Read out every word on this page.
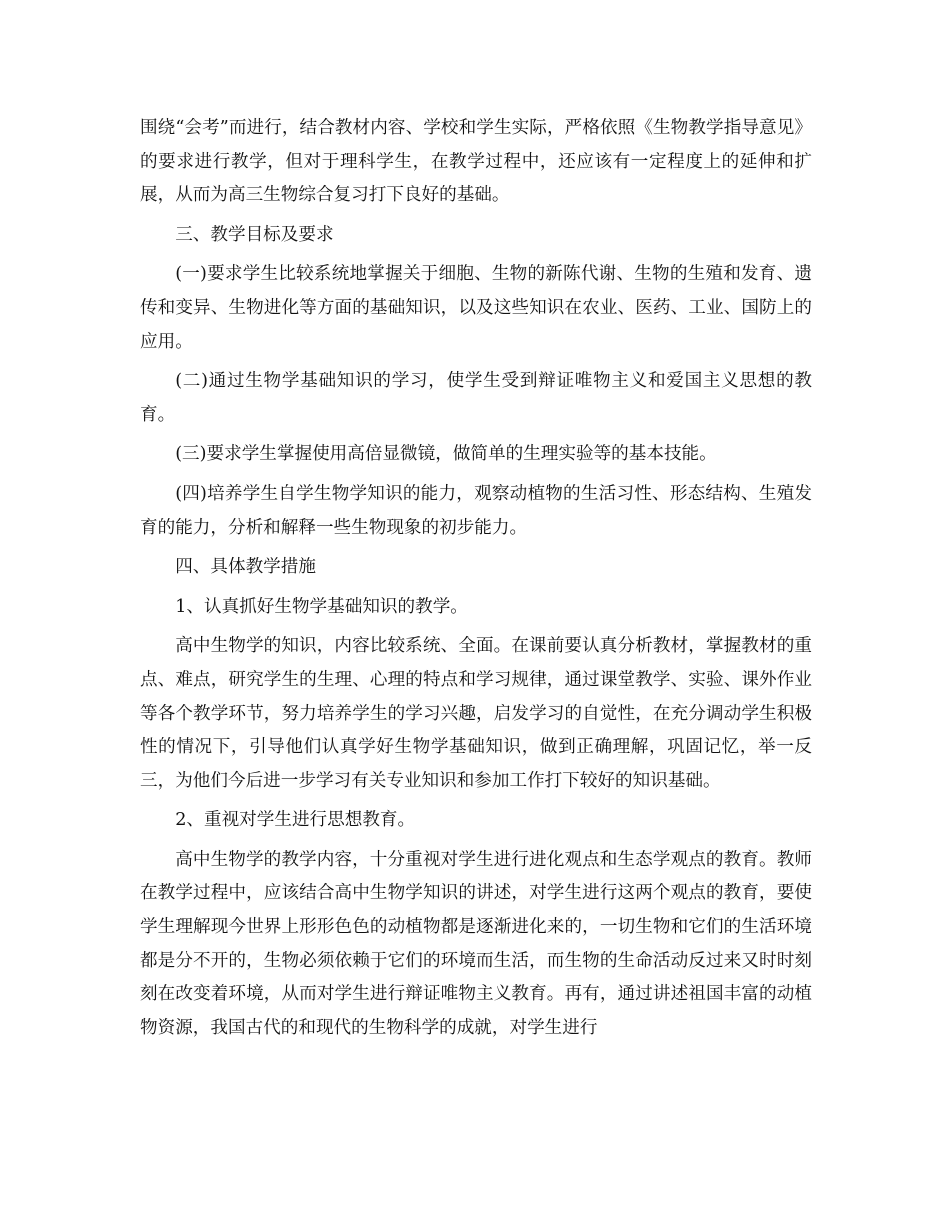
围绕“会考”而进行，结合教材内容、学校和学生实际，严格依照《生物教学指导意见》的要求进行教学，但对于理科学生，在教学过程中，还应该有一定程度上的延伸和扩展，从而为高三生物综合复习打下良好的基础。

三、教学目标及要求

(一)要求学生比较系统地掌握关于细胞、生物的新陈代谢、生物的生殖和发育、遗传和变异、生物进化等方面的基础知识，以及这些知识在农业、医药、工业、国防上的应用。

(二)通过生物学基础知识的学习，使学生受到辩证唯物主义和爱国主义思想的教育。

(三)要求学生掌握使用高倍显微镜，做简单的生理实验等的基本技能。

(四)培养学生自学生物学知识的能力，观察动植物的生活习性、形态结构、生殖发育的能力，分析和解释一些生物现象的初步能力。

四、具体教学措施

1、认真抓好生物学基础知识的教学。

高中生物学的知识，内容比较系统、全面。在课前要认真分析教材，掌握教材的重点、难点，研究学生的生理、心理的特点和学习规律，通过课堂教学、实验、课外作业等各个教学环节，努力培养学生的学习兴趣，启发学习的自觉性，在充分调动学生积极性的情况下，引导他们认真学好生物学基础知识，做到正确理解，巩固记忆，举一反三，为他们今后进一步学习有关专业知识和参加工作打下较好的知识基础。

2、重视对学生进行思想教育。

高中生物学的教学内容，十分重视对学生进行进化观点和生态学观点的教育。教师在教学过程中，应该结合高中生物学知识的讲述，对学生进行这两个观点的教育，要使学生理解现今世界上形形色色的动植物都是逐渐进化来的，一切生物和它们的生活环境都是分不开的，生物必须依赖于它们的环境而生活，而生物的生命活动反过来又时时刻刻在改变着环境，从而对学生进行辩证唯物主义教育。再有，通过讲述祖国丰富的动植物资源，我国古代的和现代的生物科学的成就，对学生进行
